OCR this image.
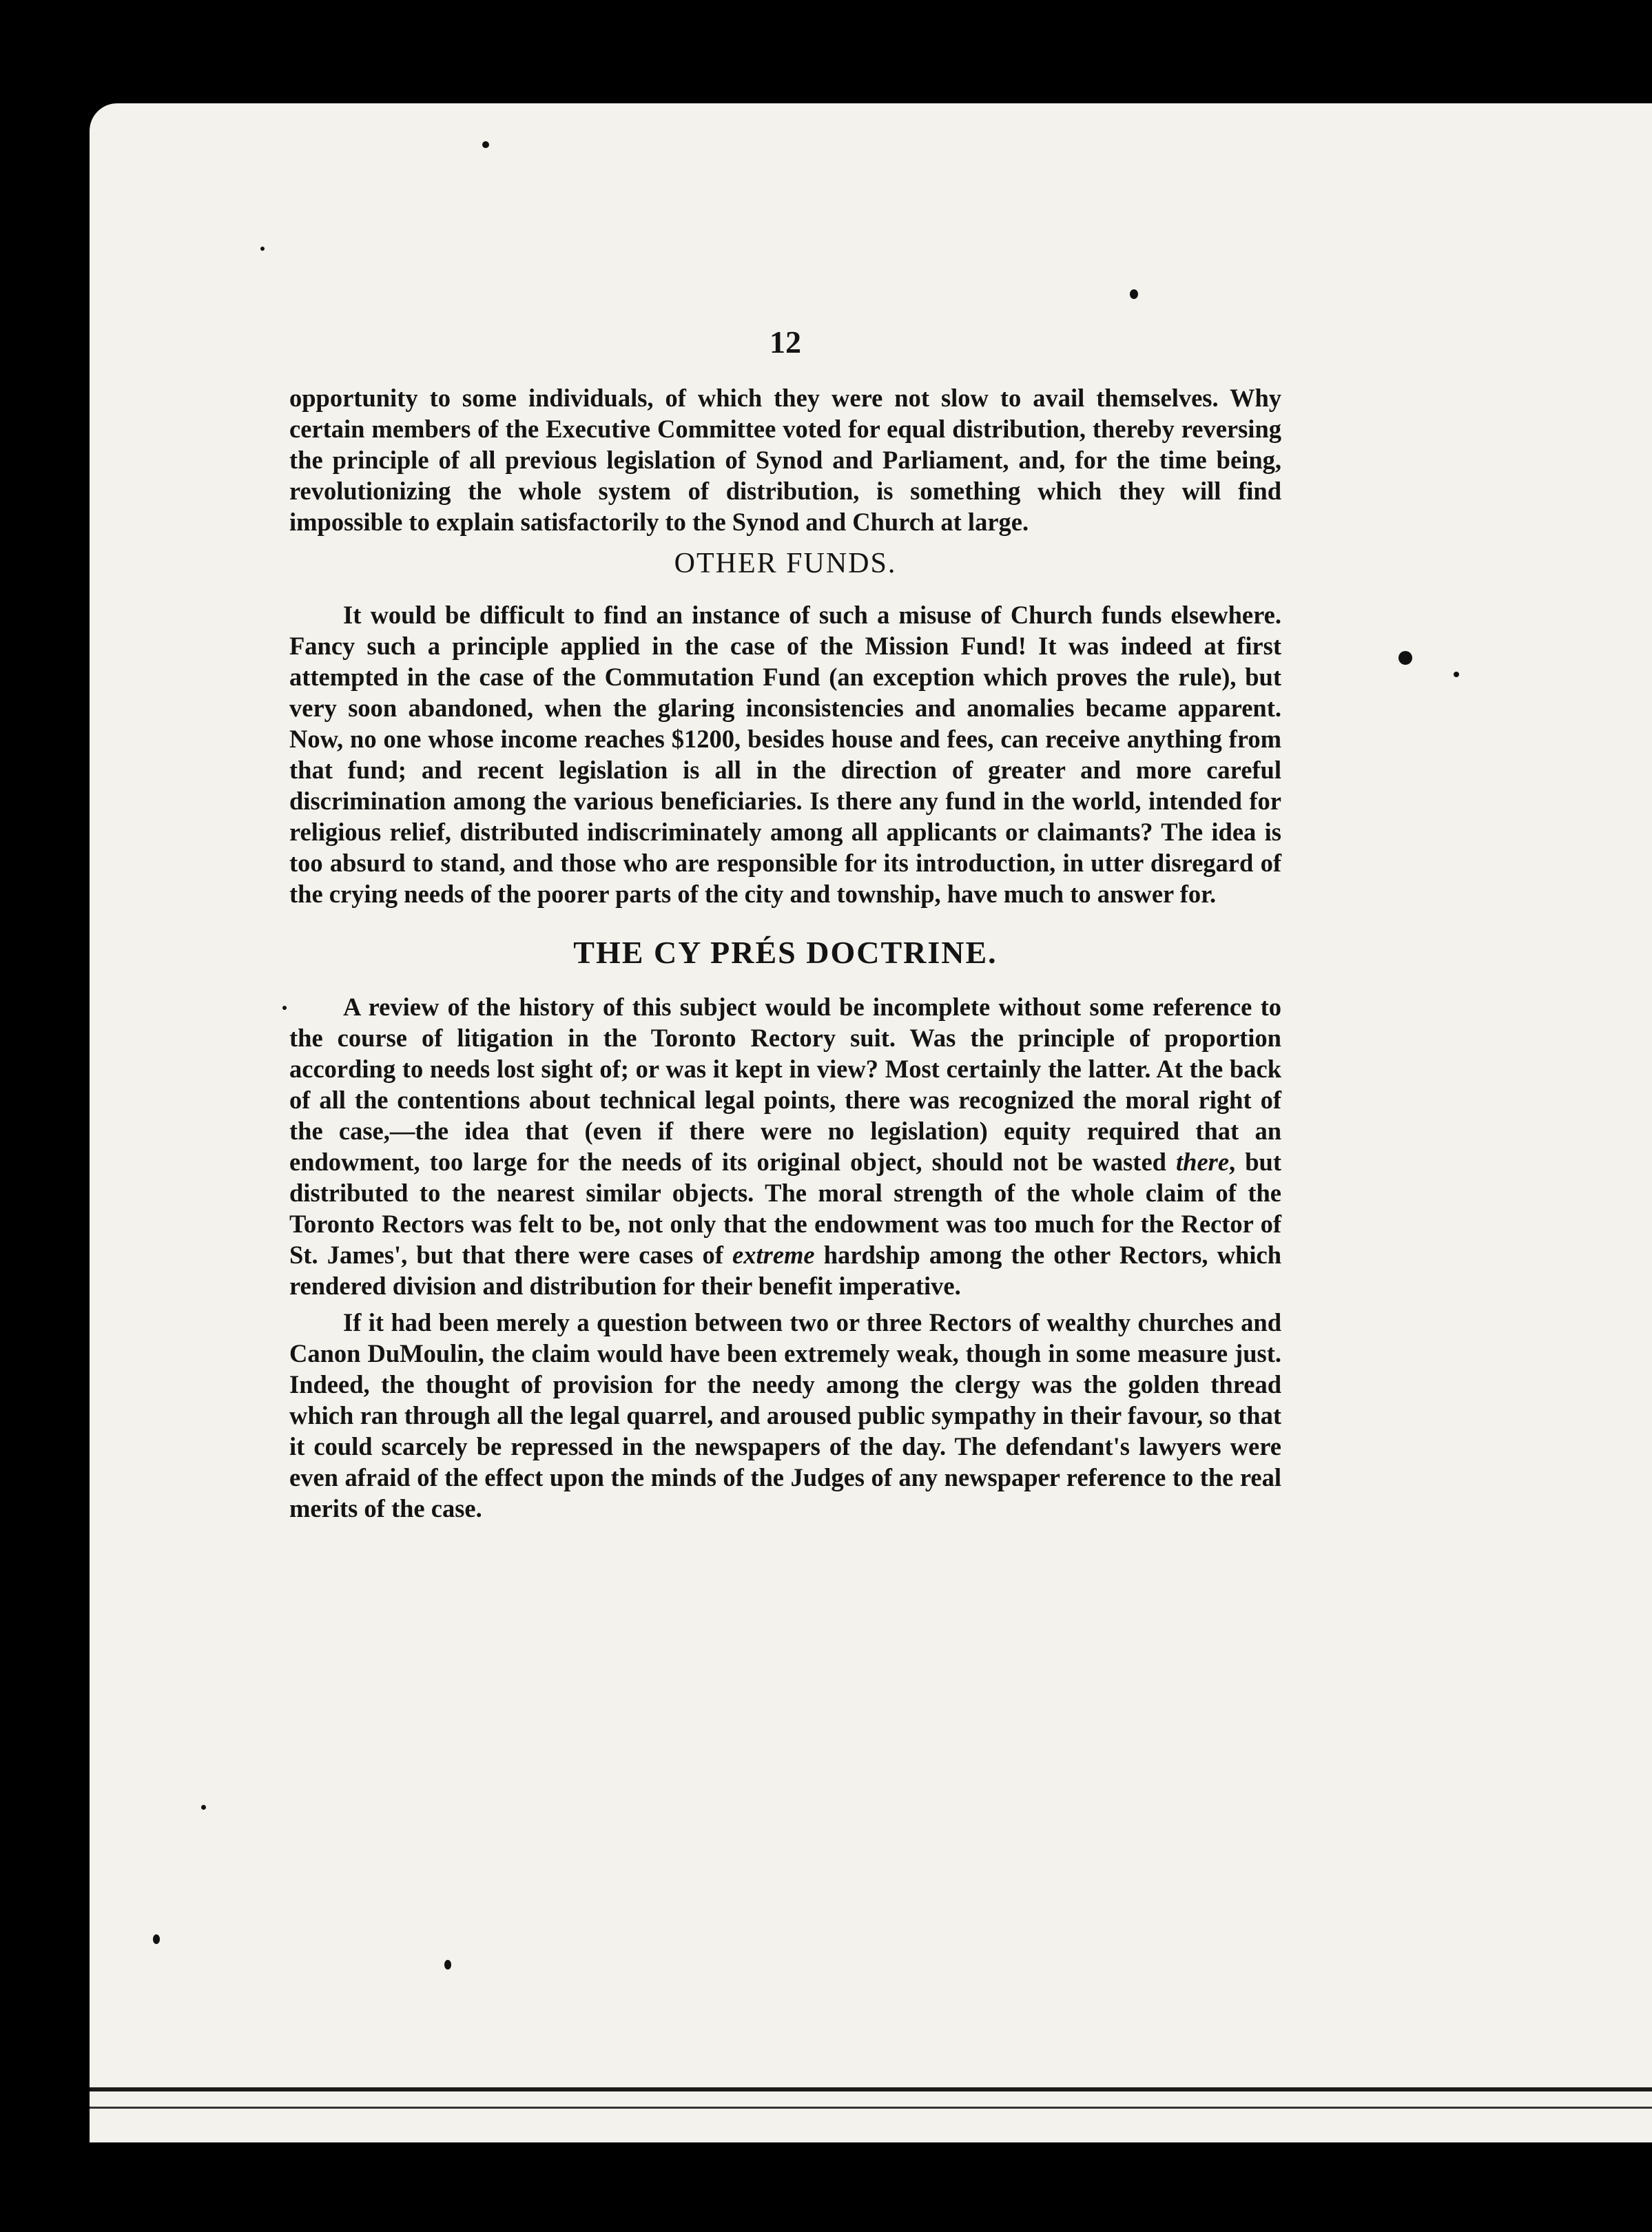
12

opportunity to some individuals, of which they were not slow to avail themselves. Why certain members of the Executive Committee voted for equal distribution, thereby reversing the principle of all previous legislation of Synod and Parliament, and, for the time being, revolutionizing the whole system of distribution, is something which they will find impossible to explain satisfactorily to the Synod and Church at large.

OTHER FUNDS.

It would be difficult to find an instance of such a misuse of Church funds elsewhere. Fancy such a principle applied in the case of the Mission Fund! It was indeed at first attempted in the case of the Commutation Fund (an exception which proves the rule), but very soon abandoned, when the glaring inconsistencies and anomalies became apparent. Now, no one whose income reaches $1200, besides house and fees, can receive anything from that fund; and recent legislation is all in the direction of greater and more careful discrimination among the various beneficiaries. Is there any fund in the world, intended for religious relief, distributed indiscriminately among all applicants or claimants? The idea is too absurd to stand, and those who are responsible for its introduction, in utter disregard of the crying needs of the poorer parts of the city and township, have much to answer for.

THE CY PRÉS DOCTRINE.

A review of the history of this subject would be incomplete without some reference to the course of litigation in the Toronto Rectory suit. Was the principle of proportion according to needs lost sight of; or was it kept in view? Most certainly the latter. At the back of all the contentions about technical legal points, there was recognized the moral right of the case,—the idea that (even if there were no legislation) equity required that an endowment, too large for the needs of its original object, should not be wasted there, but distributed to the nearest similar objects. The moral strength of the whole claim of the Toronto Rectors was felt to be, not only that the endowment was too much for the Rector of St. James', but that there were cases of extreme hardship among the other Rectors, which rendered division and distribution for their benefit imperative.

If it had been merely a question between two or three Rectors of wealthy churches and Canon DuMoulin, the claim would have been extremely weak, though in some measure just. Indeed, the thought of provision for the needy among the clergy was the golden thread which ran through all the legal quarrel, and aroused public sympathy in their favour, so that it could scarcely be repressed in the newspapers of the day. The defendant's lawyers were even afraid of the effect upon the minds of the Judges of any newspaper reference to the real merits of the case.
